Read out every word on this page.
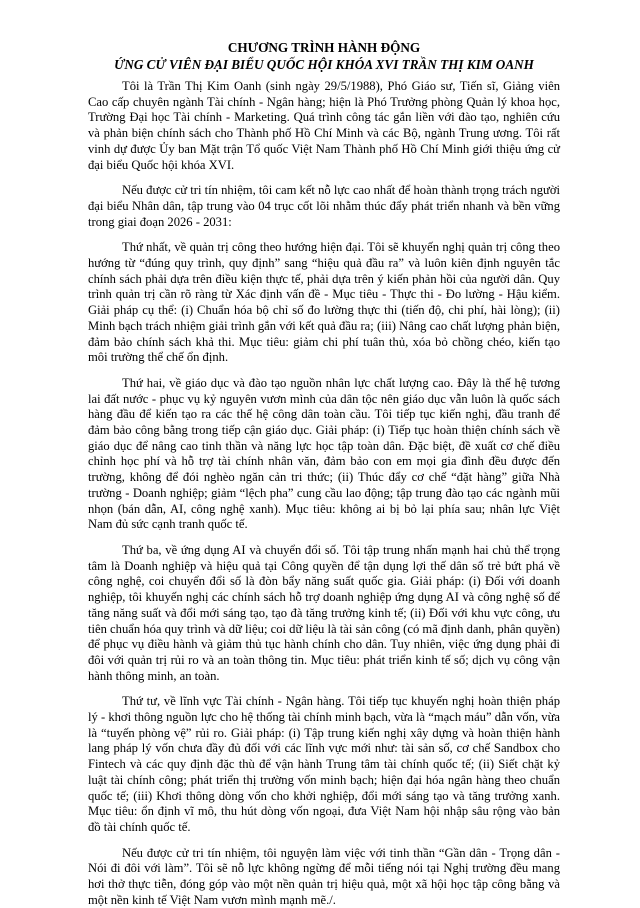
CHƯƠNG TRÌNH HÀNH ĐỘNG
ỨNG CỬ VIÊN ĐẠI BIỂU QUỐC HỘI KHÓA XVI TRẦN THỊ KIM OANH

Tôi là Trần Thị Kim Oanh (sinh ngày 29/5/1988), Phó Giáo sư, Tiến sĩ, Giảng viên Cao cấp chuyên ngành Tài chính - Ngân hàng; hiện là Phó Trưởng phòng Quản lý khoa học, Trường Đại học Tài chính - Marketing. Quá trình công tác gắn liền với đào tạo, nghiên cứu và phản biện chính sách cho Thành phố Hồ Chí Minh và các Bộ, ngành Trung ương. Tôi rất vinh dự được Ủy ban Mặt trận Tổ quốc Việt Nam Thành phố Hồ Chí Minh giới thiệu ứng cử đại biểu Quốc hội khóa XVI.

Nếu được cử tri tín nhiệm, tôi cam kết nỗ lực cao nhất để hoàn thành trọng trách người đại biểu Nhân dân, tập trung vào 04 trục cốt lõi nhằm thúc đẩy phát triển nhanh và bền vững trong giai đoạn 2026 - 2031:

Thứ nhất, về quản trị công theo hướng hiện đại. Tôi sẽ khuyến nghị quản trị công theo hướng từ “đúng quy trình, quy định” sang “hiệu quả đầu ra” và luôn kiên định nguyên tắc chính sách phải dựa trên điều kiện thực tế, phải dựa trên ý kiến phản hồi của người dân. Quy trình quản trị cần rõ ràng từ Xác định vấn đề - Mục tiêu - Thực thi - Đo lường - Hậu kiểm. Giải pháp cụ thể: (i) Chuẩn hóa bộ chỉ số đo lường thực thi (tiến độ, chi phí, hài lòng); (ii) Minh bạch trách nhiệm giải trình gắn với kết quả đầu ra; (iii) Nâng cao chất lượng phản biện, đảm bảo chính sách khả thi. Mục tiêu: giảm chi phí tuân thủ, xóa bỏ chồng chéo, kiến tạo môi trường thể chế ổn định.

Thứ hai, về giáo dục và đào tạo nguồn nhân lực chất lượng cao. Đây là thế hệ tương lai đất nước - phục vụ kỷ nguyên vươn mình của dân tộc nên giáo dục vẫn luôn là quốc sách hàng đầu để kiến tạo ra các thế hệ công dân toàn cầu. Tôi tiếp tục kiến nghị, đầu tranh để đảm bảo công bằng trong tiếp cận giáo dục. Giải pháp: (i) Tiếp tục hoàn thiện chính sách về giáo dục để nâng cao tinh thần và năng lực học tập toàn dân. Đặc biệt, đề xuất cơ chế điều chỉnh học phí và hỗ trợ tài chính nhân văn, đảm bảo con em mọi gia đình đều được đến trường, không để đói nghèo ngăn cản tri thức; (ii) Thúc đẩy cơ chế “đặt hàng” giữa Nhà trường - Doanh nghiệp; giảm “lệch pha” cung cầu lao động; tập trung đào tạo các ngành mũi nhọn (bán dẫn, AI, công nghệ xanh). Mục tiêu: không ai bị bỏ lại phía sau; nhân lực Việt Nam đủ sức cạnh tranh quốc tế.

Thứ ba, về ứng dụng AI và chuyển đổi số. Tôi tập trung nhấn mạnh hai chủ thể trọng tâm là Doanh nghiệp và hiệu quả tại Công quyền để tận dụng lợi thế dân số trẻ bứt phá về công nghệ, coi chuyển đổi số là đòn bẩy năng suất quốc gia. Giải pháp: (i) Đối với doanh nghiệp, tôi khuyến nghị các chính sách hỗ trợ doanh nghiệp ứng dụng AI và công nghệ số để tăng năng suất và đổi mới sáng tạo, tạo đà tăng trưởng kinh tế; (ii) Đối với khu vực công, ưu tiên chuẩn hóa quy trình và dữ liệu; coi dữ liệu là tài sản công (có mã định danh, phân quyền) để phục vụ điều hành và giảm thủ tục hành chính cho dân. Tuy nhiên, việc ứng dụng phải đi đôi với quản trị rủi ro và an toàn thông tin. Mục tiêu: phát triển kinh tế số; dịch vụ công vận hành thông minh, an toàn.

Thứ tư, về lĩnh vực Tài chính - Ngân hàng. Tôi tiếp tục khuyến nghị hoàn thiện pháp lý - khơi thông nguồn lực cho hệ thống tài chính minh bạch, vừa là “mạch máu” dẫn vốn, vừa là “tuyến phòng vệ” rủi ro. Giải pháp: (i) Tập trung kiến nghị xây dựng và hoàn thiện hành lang pháp lý vốn chưa đầy đủ đối với các lĩnh vực mới như: tài sản số, cơ chế Sandbox cho Fintech và các quy định đặc thù để vận hành Trung tâm tài chính quốc tế; (ii) Siết chặt kỷ luật tài chính công; phát triển thị trường vốn minh bạch; hiện đại hóa ngân hàng theo chuẩn quốc tế; (iii) Khơi thông dòng vốn cho khởi nghiệp, đổi mới sáng tạo và tăng trưởng xanh. Mục tiêu: ổn định vĩ mô, thu hút dòng vốn ngoại, đưa Việt Nam hội nhập sâu rộng vào bản đồ tài chính quốc tế.

Nếu được cử tri tín nhiệm, tôi nguyện làm việc với tinh thần “Gần dân - Trọng dân - Nói đi đôi với làm”. Tôi sẽ nỗ lực không ngừng để mỗi tiếng nói tại Nghị trường đều mang hơi thở thực tiễn, đóng góp vào một nền quản trị hiệu quả, một xã hội học tập công bằng và một nền kinh tế Việt Nam vươn mình mạnh mẽ./.
